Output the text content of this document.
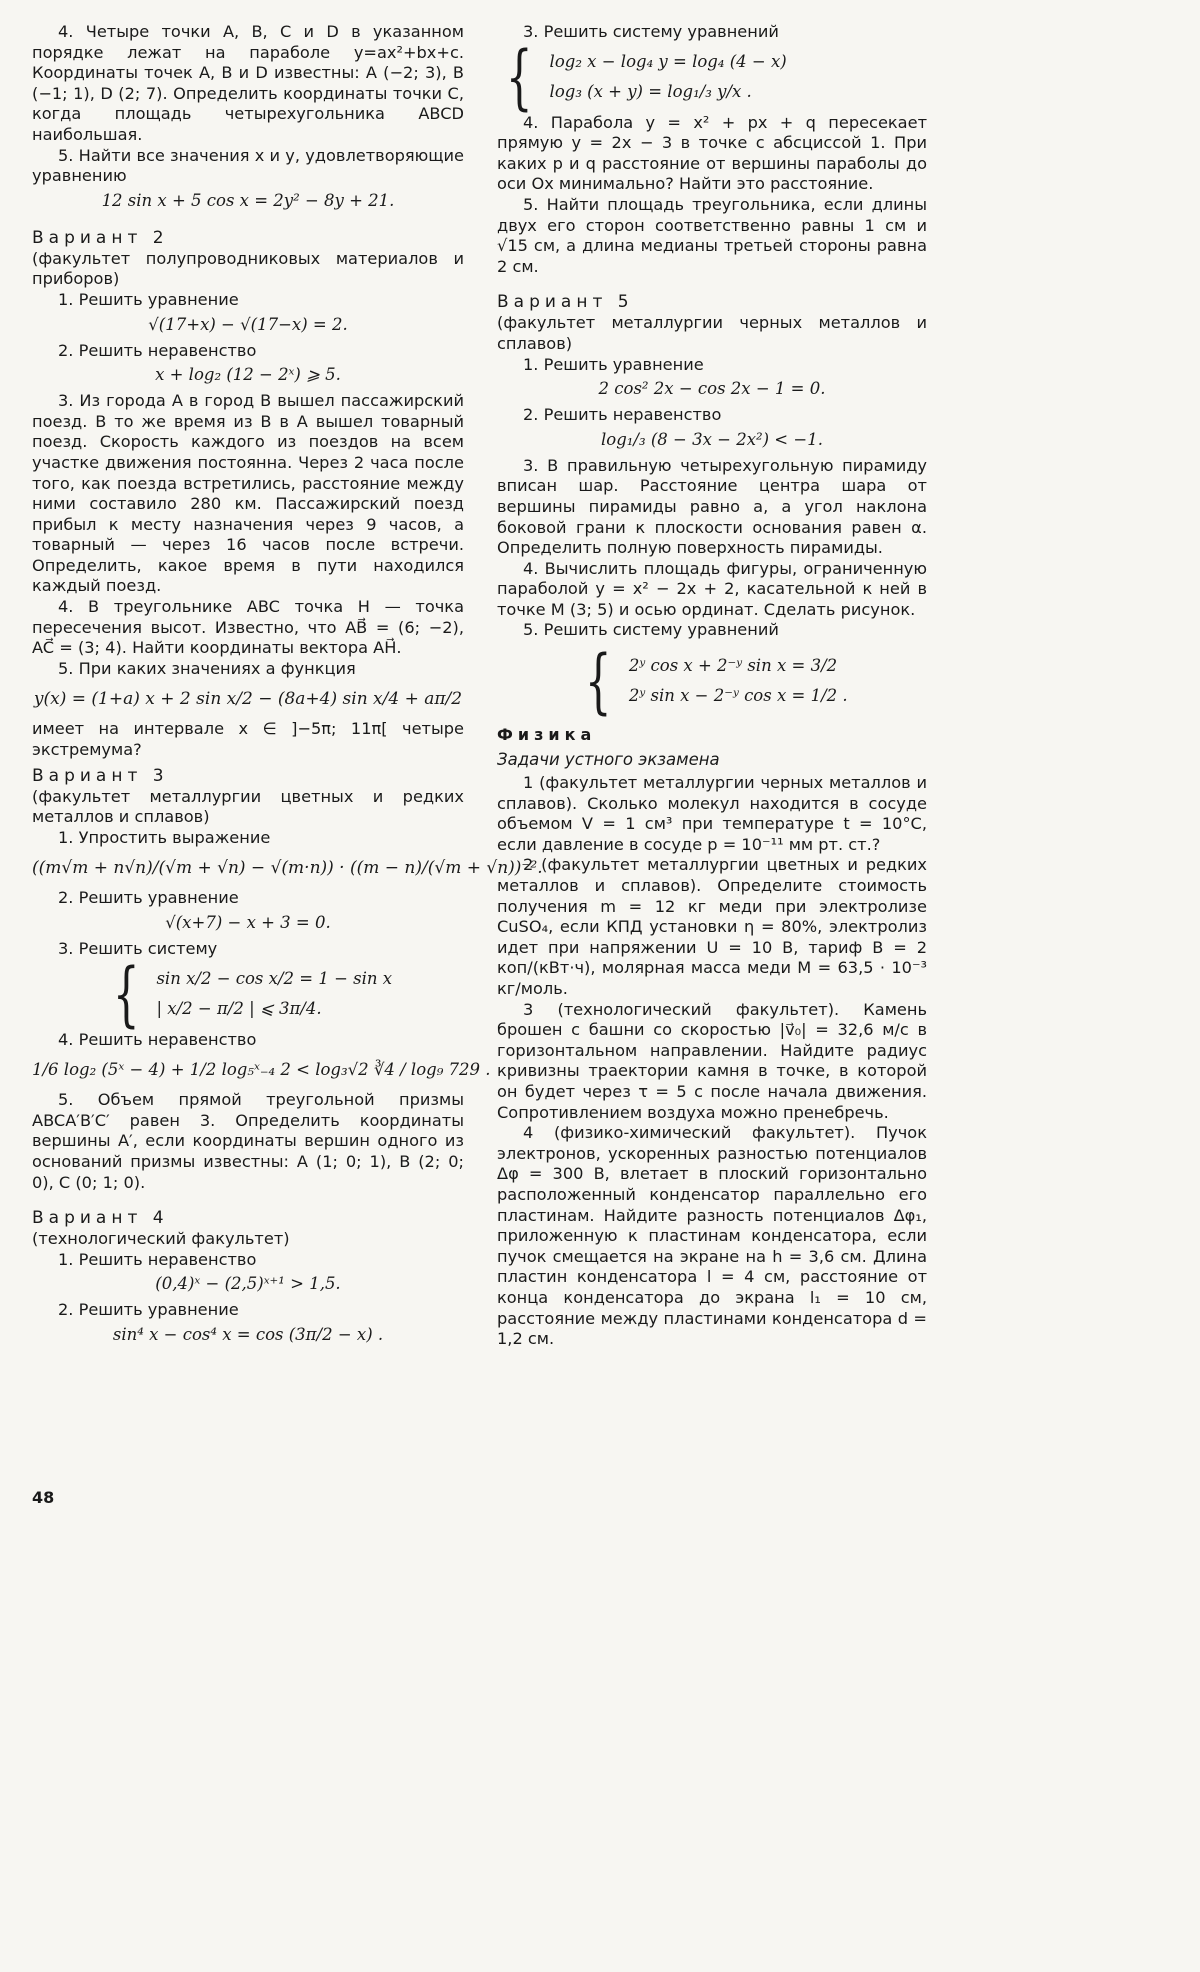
4. Четыре точки A, B, C и D в указанном порядке лежат на параболе y=ax²+bx+c. Координаты точек A, B и D известны: A (−2; 3), B (−1; 1), D (2; 7). Определить координаты точки C, когда площадь четырехугольника ABCD наибольшая.

5. Найти все значения x и y, удовлетворяющие уравнению

12 sin x + 5 cos x = 2y² − 8y + 21.
Вариант 2
(факультет полупроводниковых материалов и приборов)

1. Решить уравнение

√(17+x) − √(17−x) = 2.

2. Решить неравенство

x + log₂ (12 − 2ˣ) ⩾ 5.

3. Из города A в город B вышел пассажирский поезд. В то же время из B в A вышел товарный поезд. Скорость каждого из поездов на всем участке движения постоянна. Через 2 часа после того, как поезда встретились, расстояние между ними составило 280 км. Пассажирский поезд прибыл к месту назначения через 9 часов, а товарный — через 16 часов после встречи. Определить, какое время в пути находился каждый поезд.

4. В треугольнике ABC точка H — точка пересечения высот. Известно, что AB⃗ = (6; −2), AC⃗ = (3; 4). Найти координаты вектора AH⃗.

5. При каких значениях a функция

y(x) = (1+a) x + 2 sin x/2 − (8a+4) sin x/4 + aπ/2

имеет на интервале x ∈ ]−5π; 11π[ четыре экстремума?

Вариант 3
(факультет металлургии цветных и редких металлов и сплавов)

1. Упростить выражение

((m√m + n√n)/(√m + √n) − √(m·n)) · ((m − n)/(√m + √n))⁻².

2. Решить уравнение

√(x+7) − x + 3 = 0.

3. Решить систему

{ sin x/2 − cos x/2 = 1 − sin x
| x/2 − π/2 | ⩽ 3π/4.

4. Решить неравенство

1/6 log₂ (5ˣ − 4) + 1/2 log₅ˣ₋₄ 2 < log₃√2 ∛4 / log₉ 729 .

5. Объем прямой треугольной призмы ABCA′B′C′ равен 3. Определить координаты вершины A′, если координаты вершин одного из оснований призмы известны: A (1; 0; 1), B (2; 0; 0), C (0; 1; 0).

Вариант 4
(технологический факультет)

1. Решить неравенство

(0,4)ˣ − (2,5)ˣ⁺¹ > 1,5.

2. Решить уравнение

sin⁴ x − cos⁴ x = cos (3π/2 − x) .

3. Решить систему уравнений

{ log₂ x − log₄ y = log₄ (4 − x)
log₃ (x + y) = log₁/₃ y/x .

4. Парабола y = x² + px + q пересекает прямую y = 2x − 3 в точке с абсциссой 1. При каких p и q расстояние от вершины параболы до оси Ox минимально? Найти это расстояние.

5. Найти площадь треугольника, если длины двух его сторон соответственно равны 1 см и √15 см, а длина медианы третьей стороны равна 2 см.

Вариант 5
(факультет металлургии черных металлов и сплавов)

1. Решить уравнение

2 cos² 2x − cos 2x − 1 = 0.

2. Решить неравенство

log₁/₃ (8 − 3x − 2x²) < −1.

3. В правильную четырехугольную пирамиду вписан шар. Расстояние центра шара от вершины пирамиды равно a, а угол наклона боковой грани к плоскости основания равен α. Определить полную поверхность пирамиды.

4. Вычислить площадь фигуры, ограниченную параболой y = x² − 2x + 2, касательной к ней в точке M (3; 5) и осью ординат. Сделать рисунок.

5. Решить систему уравнений

{ 2ʸ cos x + 2⁻ʸ sin x = 3/2
2ʸ sin x − 2⁻ʸ cos x = 1/2 .
Физика
Задачи устного экзамена

1 (факультет металлургии черных металлов и сплавов). Сколько молекул находится в сосуде объемом V = 1 см³ при температуре t = 10°C, если давление в сосуде p = 10⁻¹¹ мм рт. ст.?

2 (факультет металлургии цветных и редких металлов и сплавов). Определите стоимость получения m = 12 кг меди при электролизе CuSO₄, если КПД установки η = 80%, электролиз идет при напряжении U = 10 В, тариф B = 2 коп/(кВт·ч), молярная масса меди M = 63,5 · 10⁻³ кг/моль.

3 (технологический факультет). Камень брошен с башни со скоростью |v⃗₀| = 32,6 м/с в горизонтальном направлении. Найдите радиус кривизны траектории камня в точке, в которой он будет через τ = 5 с после начала движения. Сопротивлением воздуха можно пренебречь.

4 (физико-химический факультет). Пучок электронов, ускоренных разностью потенциалов Δφ = 300 В, влетает в плоский горизонтально расположенный конденсатор параллельно его пластинам. Найдите разность потенциалов Δφ₁, приложенную к пластинам конденсатора, если пучок смещается на экране на h = 3,6 см. Длина пластин конденсатора l = 4 см, расстояние от конца конденсатора до экрана l₁ = 10 см, расстояние между пластинами конденсатора d = 1,2 см.

48
